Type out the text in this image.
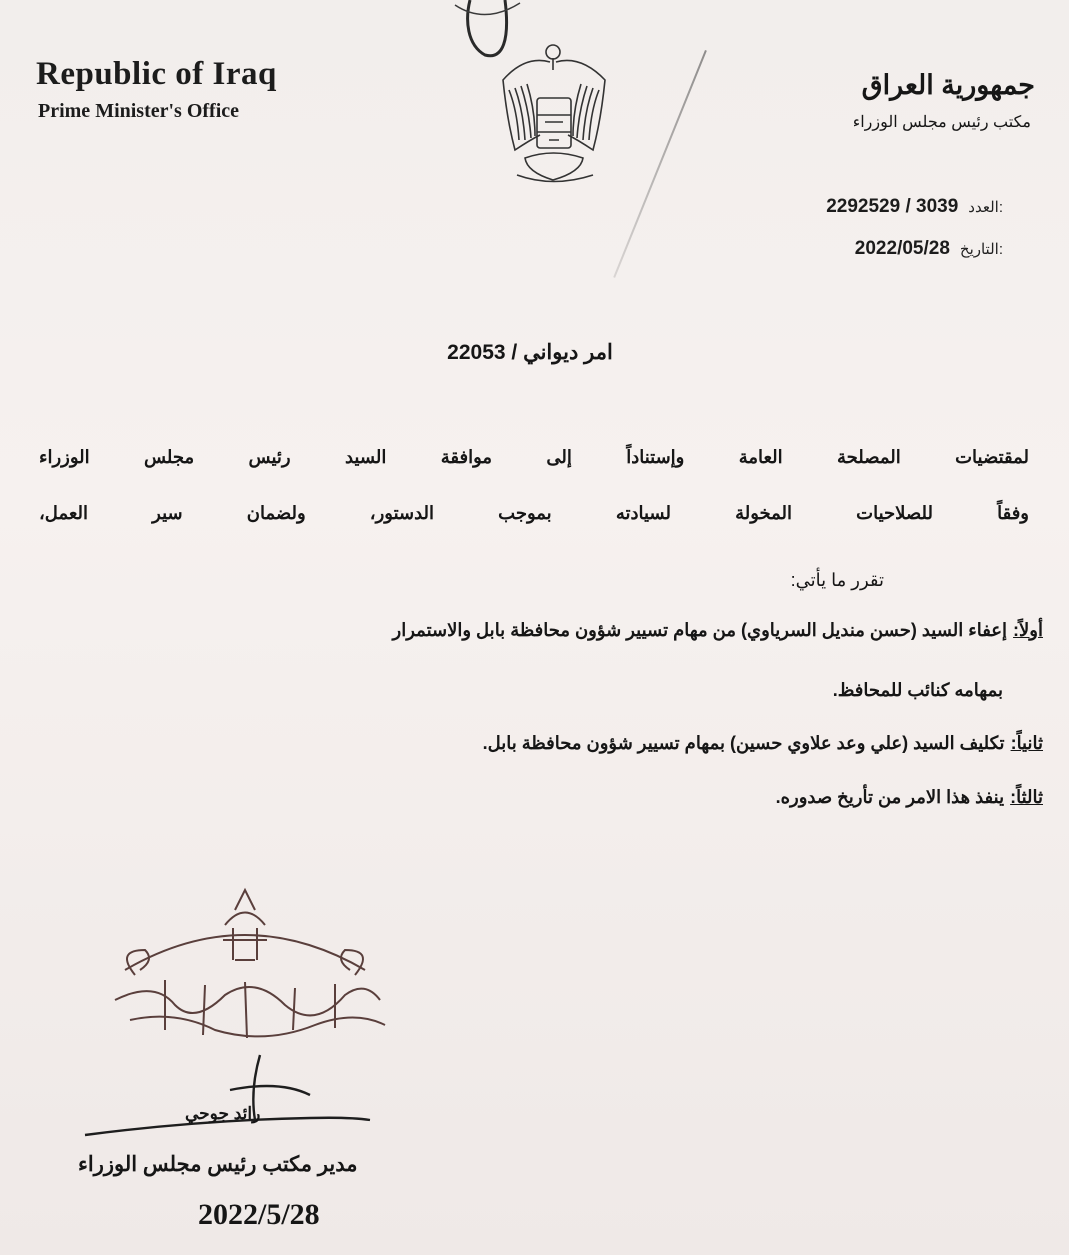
Republic of Iraq
Prime Minister's Office
جمهورية العراق
مكتب رئيس مجلس الوزراء
العدد:
2292529 / 3039
التاريخ:
2022/05/28
امر ديواني / 22053
لمقتضيات المصلحة العامة وإستناداً إلى موافقة السيد رئيس مجلس الوزراء
وفقاً للصلاحيات المخولة لسيادته بموجب الدستور، ولضمان سير العمل،
تقرر ما يأتي:
أولاً:
إعفاء السيد (حسن منديل السرياوي) من مهام تسيير شؤون محافظة بابل والاستمرار
بمهامه كنائب للمحافظ.
ثانياً:
تكليف السيد (علي وعد علاوي حسين) بمهام تسيير شؤون محافظة بابل.
ثالثاً:
ينفذ هذا الامر من تأريخ صدوره.
رائد جوحي
مدير مكتب رئيس مجلس الوزراء
2022/5/28
